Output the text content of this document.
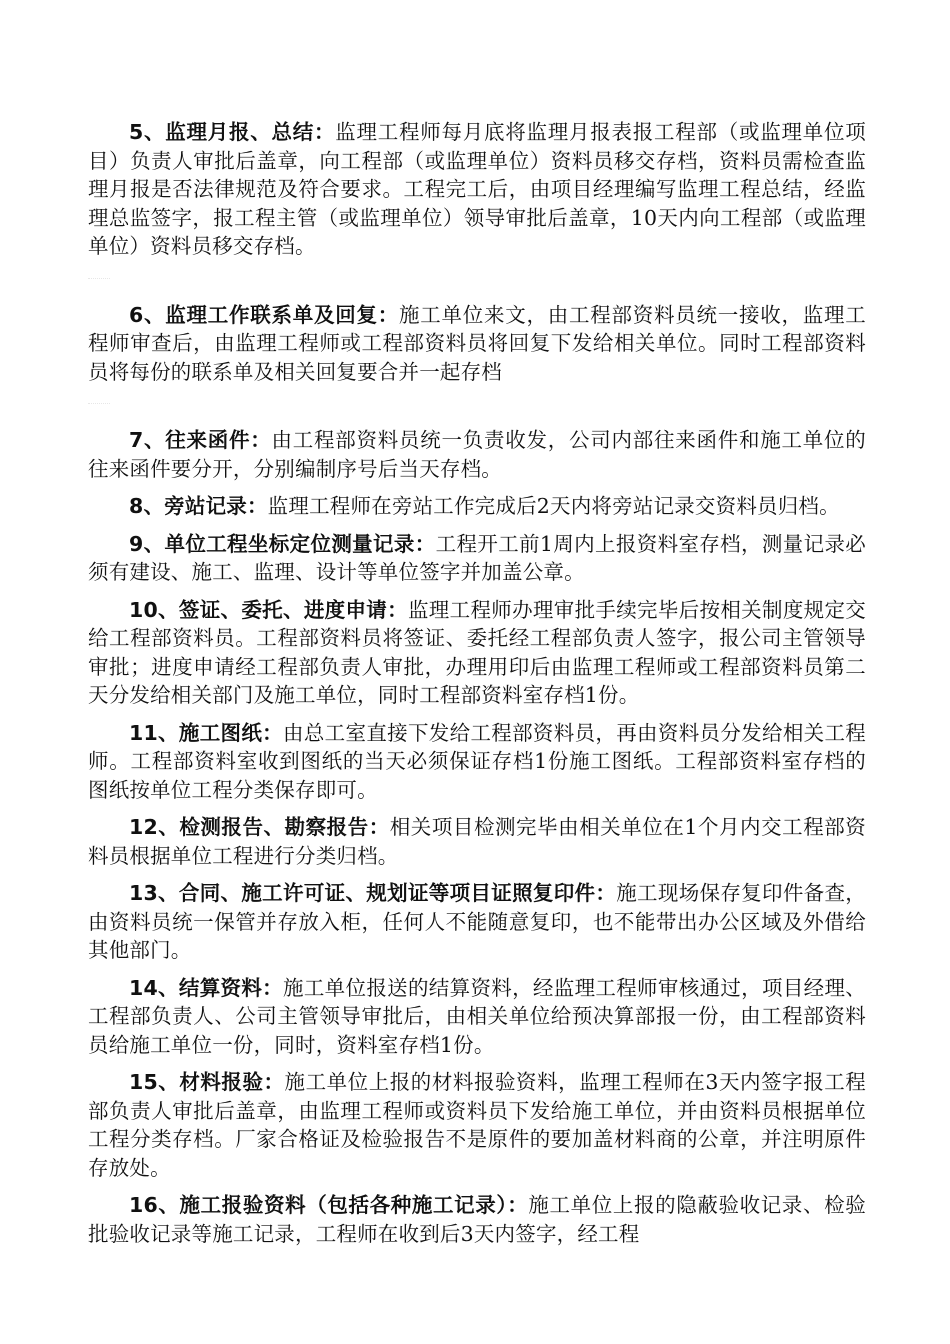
5、监理月报、总结：监理工程师每月底将监理月报表报工程部（或监理单位项目）负责人审批后盖章，向工程部（或监理单位）资料员移交存档，资料员需检查监理月报是否法律规范及符合要求。工程完工后，由项目经理编写监理工程总结，经监理总监签字，报工程主管（或监理单位）领导审批后盖章，10天内向工程部（或监理单位）资料员移交存档。

6、监理工作联系单及回复：施工单位来文，由工程部资料员统一接收，监理工程师审查后，由监理工程师或工程部资料员将回复下发给相关单位。同时工程部资料员将每份的联系单及相关回复要合并一起存档

7、往来函件：由工程部资料员统一负责收发，公司内部往来函件和施工单位的往来函件要分开，分别编制序号后当天存档。

8、旁站记录：监理工程师在旁站工作完成后2天内将旁站记录交资料员归档。

9、单位工程坐标定位测量记录：工程开工前1周内上报资料室存档，测量记录必须有建设、施工、监理、设计等单位签字并加盖公章。

10、签证、委托、进度申请：监理工程师办理审批手续完毕后按相关制度规定交给工程部资料员。工程部资料员将签证、委托经工程部负责人签字，报公司主管领导审批；进度申请经工程部负责人审批，办理用印后由监理工程师或工程部资料员第二天分发给相关部门及施工单位，同时工程部资料室存档1份。

11、施工图纸：由总工室直接下发给工程部资料员，再由资料员分发给相关工程师。工程部资料室收到图纸的当天必须保证存档1份施工图纸。工程部资料室存档的图纸按单位工程分类保存即可。

12、检测报告、勘察报告：相关项目检测完毕由相关单位在1个月内交工程部资料员根据单位工程进行分类归档。

13、合同、施工许可证、规划证等项目证照复印件：施工现场保存复印件备查，由资料员统一保管并存放入柜，任何人不能随意复印，也不能带出办公区域及外借给其他部门。

14、结算资料：施工单位报送的结算资料，经监理工程师审核通过，项目经理、工程部负责人、公司主管领导审批后，由相关单位给预决算部报一份，由工程部资料员给施工单位一份，同时，资料室存档1份。

15、材料报验：施工单位上报的材料报验资料，监理工程师在3天内签字报工程部负责人审批后盖章，由监理工程师或资料员下发给施工单位，并由资料员根据单位工程分类存档。厂家合格证及检验报告不是原件的要加盖材料商的公章，并注明原件存放处。

16、施工报验资料（包括各种施工记录）：施工单位上报的隐蔽验收记录、检验批验收记录等施工记录，工程师在收到后3天内签字，经工程
